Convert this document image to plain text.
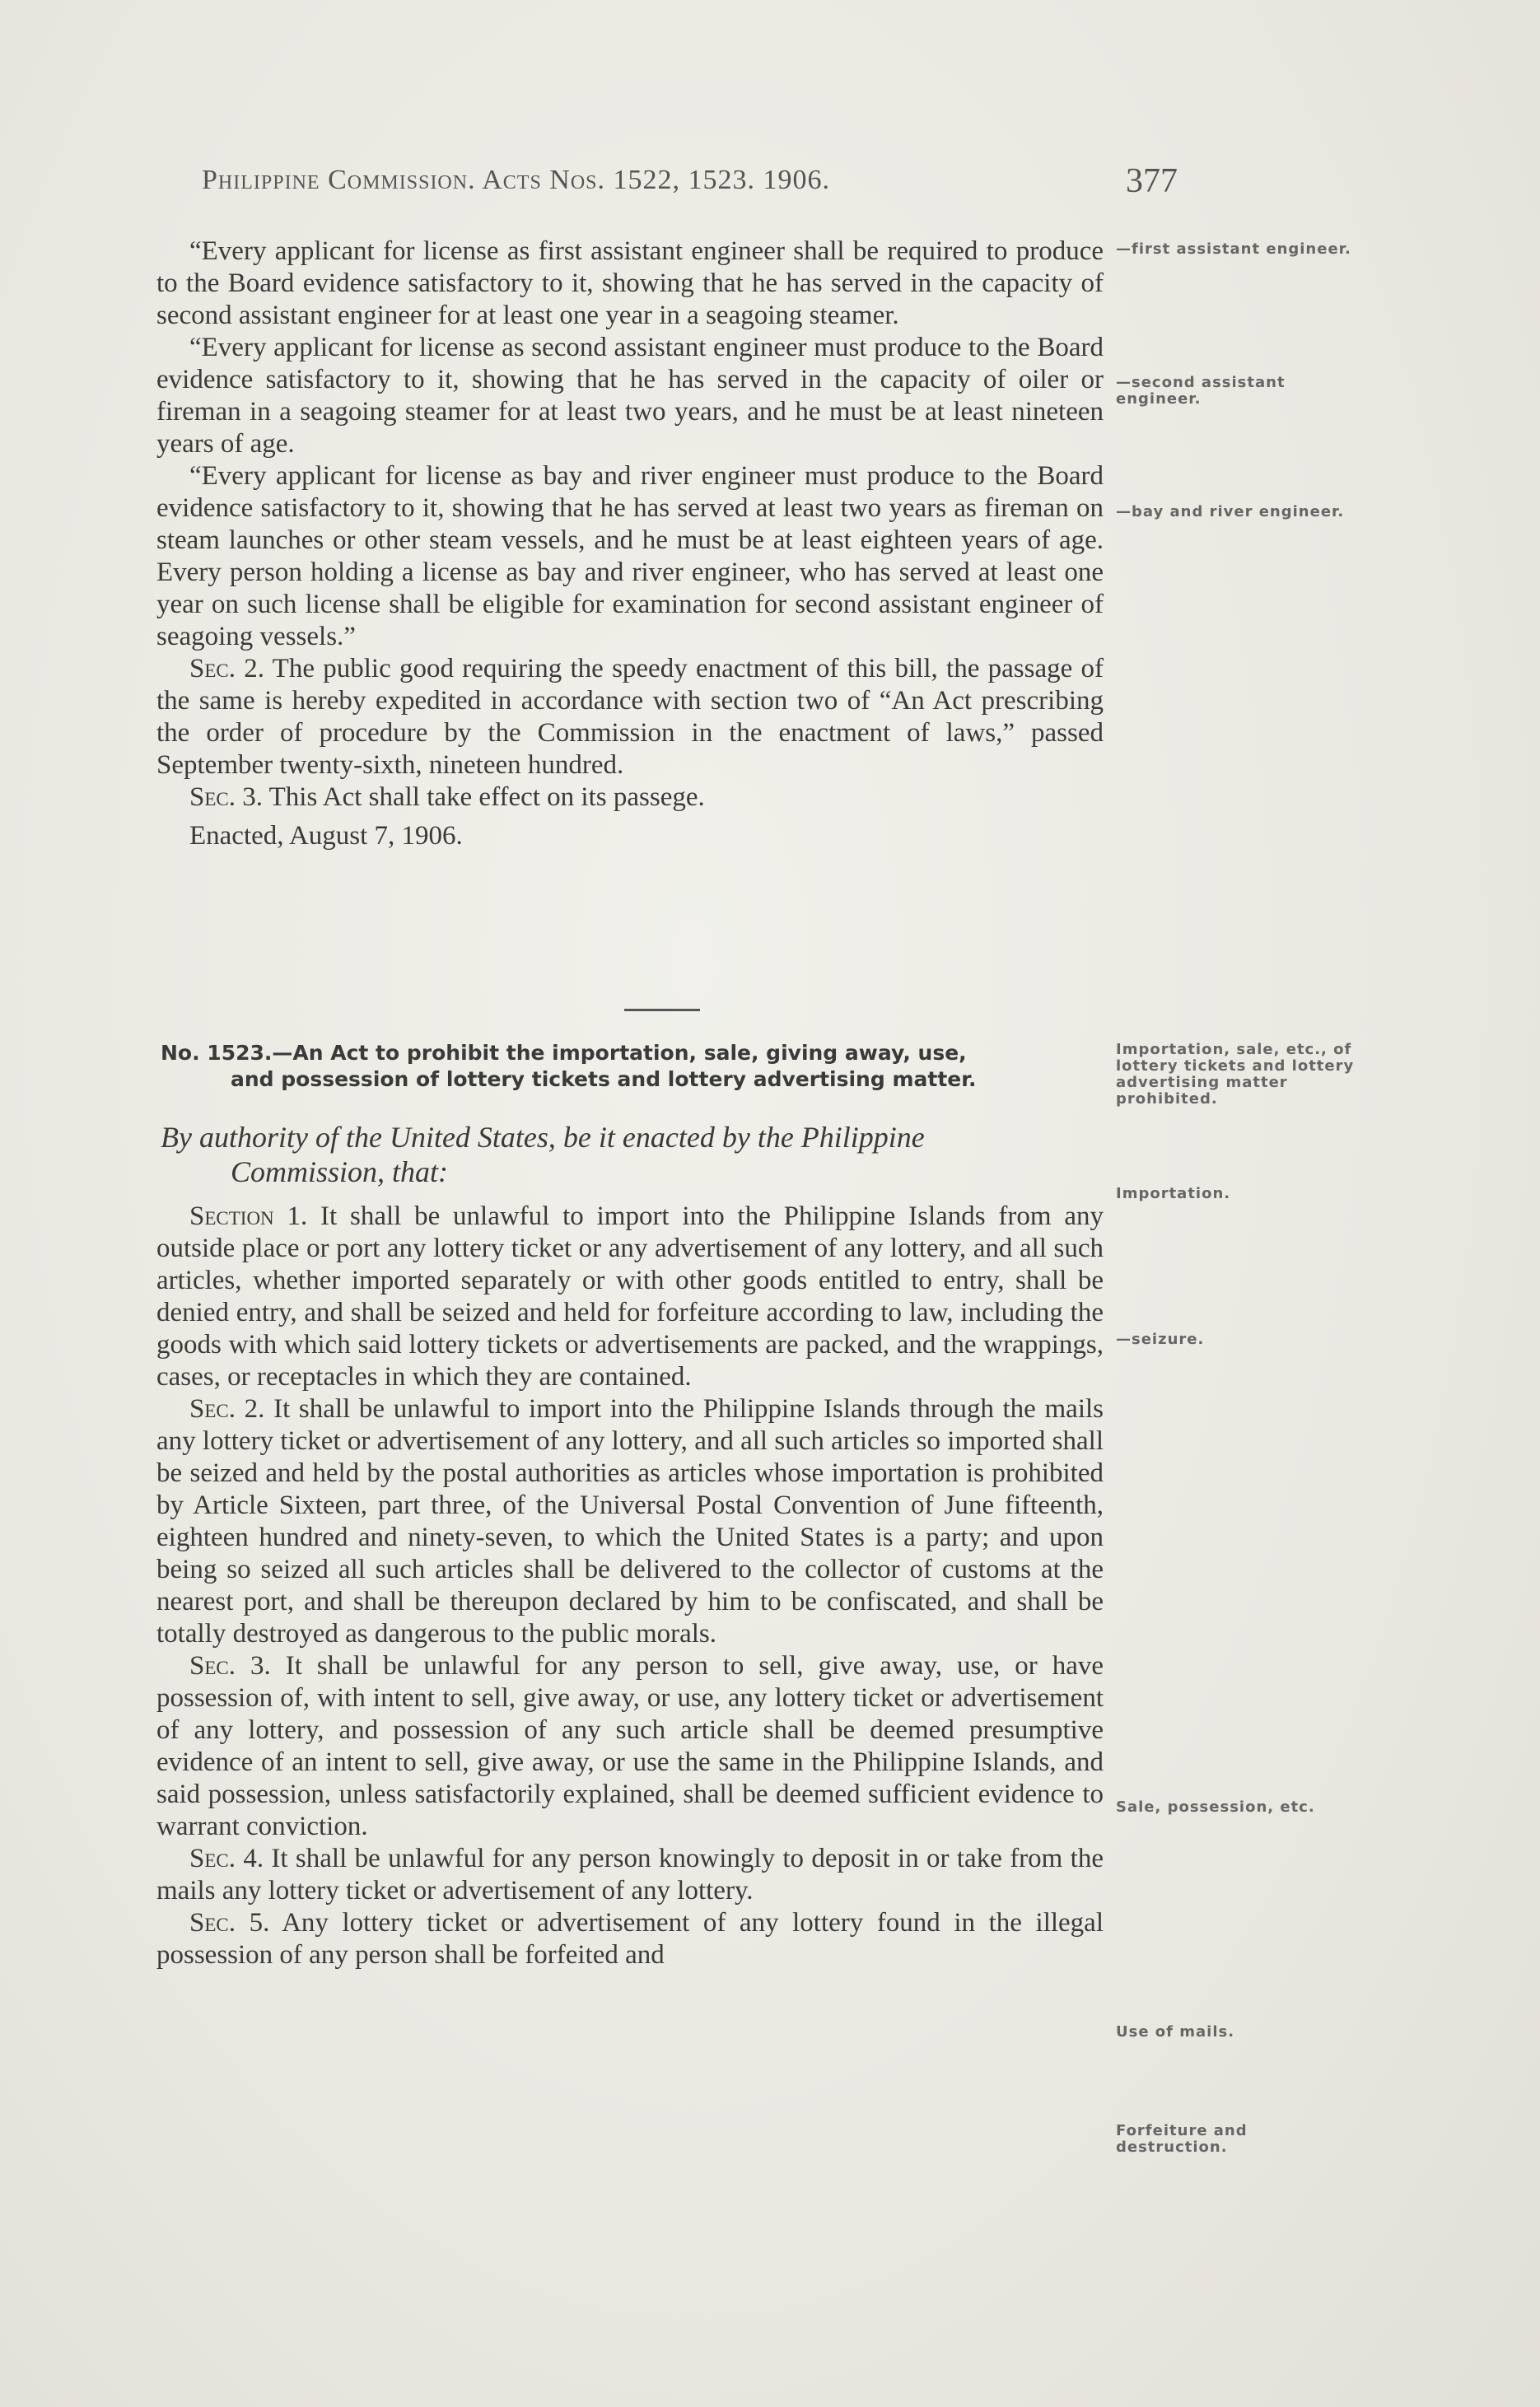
Philippine Commission. Acts Nos. 1522, 1523. 1906.	377

“Every applicant for license as first assistant engineer shall be required to produce to the Board evidence satisfactory to it, showing that he has served in the capacity of second assistant engineer for at least one year in a seagoing steamer.

“Every applicant for license as second assistant engineer must produce to the Board evidence satisfactory to it, showing that he has served in the capacity of oiler or fireman in a seagoing steamer for at least two years, and he must be at least nineteen years of age.

“Every applicant for license as bay and river engineer must produce to the Board evidence satisfactory to it, showing that he has served at least two years as fireman on steam launches or other steam vessels, and he must be at least eighteen years of age. Every person holding a license as bay and river engineer, who has served at least one year on such license shall be eligible for examination for second assistant engineer of seagoing vessels.”

Sec. 2. The public good requiring the speedy enactment of this bill, the passage of the same is hereby expedited in accordance with section two of “An Act prescribing the order of procedure by the Commission in the enactment of laws,” passed September twenty-sixth, nineteen hundred.

Sec. 3. This Act shall take effect on its passege.

Enacted, August 7, 1906.

No. 1523.—An Act to prohibit the importation, sale, giving away, use,
and possession of lottery tickets and lottery advertising matter.
By authority of the United States, be it enacted by the Philippine
Commission, that:

Section 1. It shall be unlawful to import into the Philippine Islands from any outside place or port any lottery ticket or any advertisement of any lottery, and all such articles, whether imported separately or with other goods entitled to entry, shall be denied entry, and shall be seized and held for forfeiture according to law, including the goods with which said lottery tickets or advertisements are packed, and the wrappings, cases, or receptacles in which they are contained.

Sec. 2. It shall be unlawful to import into the Philippine Islands through the mails any lottery ticket or advertisement of any lottery, and all such articles so imported shall be seized and held by the postal authorities as articles whose importation is prohibited by Article Sixteen, part three, of the Universal Postal Convention of June fifteenth, eighteen hundred and ninety-seven, to which the United States is a party; and upon being so seized all such articles shall be delivered to the collector of customs at the nearest port, and shall be thereupon declared by him to be confiscated, and shall be totally destroyed as dangerous to the public morals.

Sec. 3. It shall be unlawful for any person to sell, give away, use, or have possession of, with intent to sell, give away, or use, any lottery ticket or advertisement of any lottery, and possession of any such article shall be deemed presumptive evidence of an intent to sell, give away, or use the same in the Philippine Islands, and said possession, unless satisfactorily explained, shall be deemed sufficient evidence to warrant conviction.

Sec. 4. It shall be unlawful for any person knowingly to deposit in or take from the mails any lottery ticket or advertisement of any lottery.

Sec. 5. Any lottery ticket or advertisement of any lottery found in the illegal possession of any person shall be forfeited and

—first assistant engineer.
—second assistant engineer.
—bay and river engineer.
Importation, sale, etc., of lottery tickets and lottery advertising matter prohibited.
Importation.
—seizure.
Sale, possession, etc.
Use of mails.
Forfeiture and destruction.
